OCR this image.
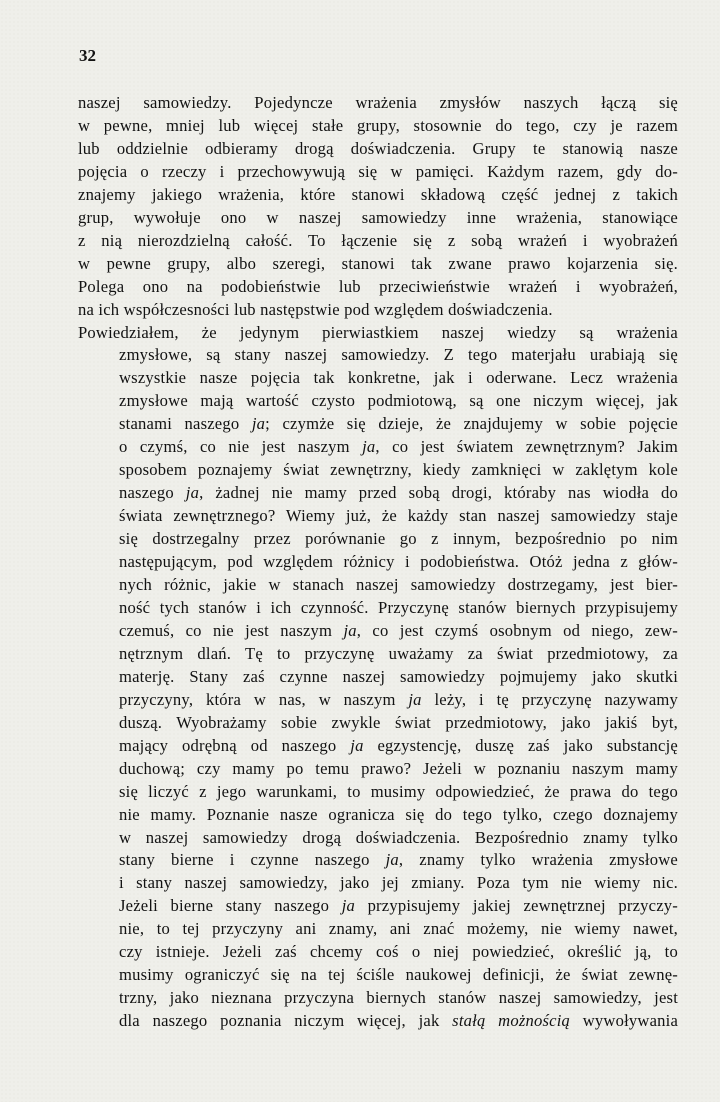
32

naszej samowiedzy. Pojedyncze wrażenia zmysłów naszych łączą się
w pewne, mniej lub więcej stałe grupy, stosownie do tego, czy je razem
lub oddzielnie odbieramy drogą doświadczenia. Grupy te stanowią nasze
pojęcia o rzeczy i przechowywują się w pamięci. Każdym razem, gdy do-
znajemy jakiego wrażenia, które stanowi składową część jednej z takich
grup, wywołuje ono w naszej samowiedzy inne wrażenia, stanowiące
z nią nierozdzielną całość. To łączenie się z sobą wrażeń i wyobrażeń
w pewne grupy, albo szeregi, stanowi tak zwane prawo kojarzenia się.
Polega ono na podobieństwie lub przeciwieństwie wrażeń i wyobrażeń,
na ich współczesności lub następstwie pod względem doświadczenia.

Powiedziałem, że jedynym pierwiastkiem naszej wiedzy są wrażenia
zmysłowe, są stany naszej samowiedzy. Z tego materjału urabiają się
wszystkie nasze pojęcia tak konkretne, jak i oderwane. Lecz wrażenia
zmysłowe mają wartość czysto podmiotową, są one niczym więcej, jak
stanami naszego ja; czymże się dzieje, że znajdujemy w sobie pojęcie
o czymś, co nie jest naszym ja, co jest światem zewnętrznym? Jakim
sposobem poznajemy świat zewnętrzny, kiedy zamknięci w zaklętym kole
naszego ja, żadnej nie mamy przed sobą drogi, któraby nas wiodła do
świata zewnętrznego? Wiemy już, że każdy stan naszej samowiedzy staje
się dostrzegalny przez porównanie go z innym, bezpośrednio po nim
następującym, pod względem różnicy i podobieństwa. Otóż jedna z głów-
nych różnic, jakie w stanach naszej samowiedzy dostrzegamy, jest bier-
ność tych stanów i ich czynność. Przyczynę stanów biernych przypisujemy
czemuś, co nie jest naszym ja, co jest czymś osobnym od niego, zew-
nętrznym dlań. Tę to przyczynę uważamy za świat przedmiotowy, za
materję. Stany zaś czynne naszej samowiedzy pojmujemy jako skutki
przyczyny, która w nas, w naszym ja leży, i tę przyczynę nazywamy
duszą. Wyobrażamy sobie zwykle świat przedmiotowy, jako jakiś byt,
mający odrębną od naszego ja egzystencję, duszę zaś jako substancję
duchową; czy mamy po temu prawo? Jeżeli w poznaniu naszym mamy
się liczyć z jego warunkami, to musimy odpowiedzieć, że prawa do tego
nie mamy. Poznanie nasze ogranicza się do tego tylko, czego doznajemy
w naszej samowiedzy drogą doświadczenia. Bezpośrednio znamy tylko
stany bierne i czynne naszego ja, znamy tylko wrażenia zmysłowe
i stany naszej samowiedzy, jako jej zmiany. Poza tym nie wiemy nic.
Jeżeli bierne stany naszego ja przypisujemy jakiej zewnętrznej przyczy-
nie, to tej przyczyny ani znamy, ani znać możemy, nie wiemy nawet,
czy istnieje. Jeżeli zaś chcemy coś o niej powiedzieć, określić ją, to
musimy ograniczyć się na tej ściśle naukowej definicji, że świat zewnę-
trzny, jako nieznana przyczyna biernych stanów naszej samowiedzy, jest
dla naszego poznania niczym więcej, jak stałą możnością wywoływania
